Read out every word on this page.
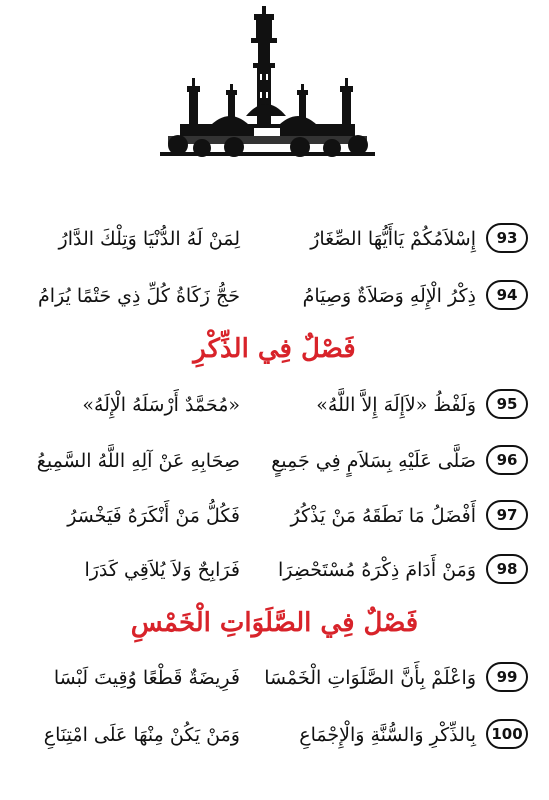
93
إِسْلاَمُكُمْ يَاأَيُّهَا الصِّغَارُ
لِمَنْ لَهُ الدُّنْيَا وَتِلْكَ الدَّارُ
94
ذِكْرُ الْإِلَهِ وَصَلاَةٌ وَصِيَامُ
حَجُّ زَكَاةُ كُلِّ ذِي حَتْمًا يُرَامُ
فَصْلٌ فِي الذِّكْرِ
95
وَلَفْظُ «لاَإِلَهَ إِلاَّ اللَّهُ»
«مُحَمَّدٌ أَرْسَلَهُ الْإِلَهُ»
96
صَلَّى عَلَيْهِ بِسَلاَمٍ فِي جَمِيعٍ
صِحَابِهِ عَنْ آلِهِ اللَّهُ السَّمِيعُ
97
أَفْضَلُ مَا نَطَقَهُ مَنْ يَذْكُرُ
فَكُلُّ مَنْ أَنْكَرَهُ فَيَخْسَرُ
98
وَمَنْ أَدَامَ ذِكْرَهُ مُسْتَحْضِرَا
فَرَابِحٌ وَلاَ يُلاَقِي كَدَرَا
فَصْلٌ فِي الصَّلَوَاتِ الْخَمْسِ
99
وَاعْلَمْ بِأَنَّ الصَّلَوَاتِ الْخَمْسَا
فَرِيضَةٌ قَطْعًا وُقِيتَ لَبْسَا
100
بِالذِّكْرِ وَالسُّنَّةِ وَالْإِجْمَاعِ
وَمَنْ يَكُنْ مِنْهَا عَلَى امْتِنَاعِ
